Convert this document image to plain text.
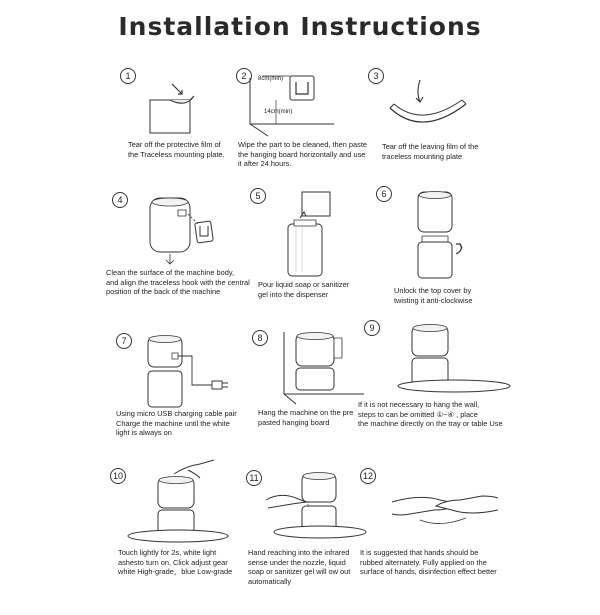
Installation Instructions
1
Tear off the protective film of
the Traceless mounting plate.
2	8cm(min)
14cm(min)
Wipe the part to be cleaned, then paste
the hanging board horizontally and use
it after 24 hours.
3
Tear off the leaving film of the
traceless mounting plate
4
Clean the surface of the machine body,
and align the traceless hook with the central
position of the back of the machine
5
Pour liquid soap or sanitizer
gel into the dispenser
6
Unlock the top cover by
twisting it anti-clockwise
7
Using micro USB charging cable pair
Charge the machine until the white
light is always on
8
Hang the machine on the pre
pasted hanging board
9
If it is not necessary to hang the wall,
steps to can be omitted ①~④ , place
the machine directly on the tray or table Use
10
Touch lightly for 2s, white light
ashesto turn on, Click adjust gear
white High-grade，blue Low-grade
11
Hand reaching into the infrared
sense under the nozzle, liquid
soap or sanitizer gel will ow out
automatically
12
It is suggested that hands should be
rubbed alternately. Fully applied on the
surface of hands, disinfection effect better
